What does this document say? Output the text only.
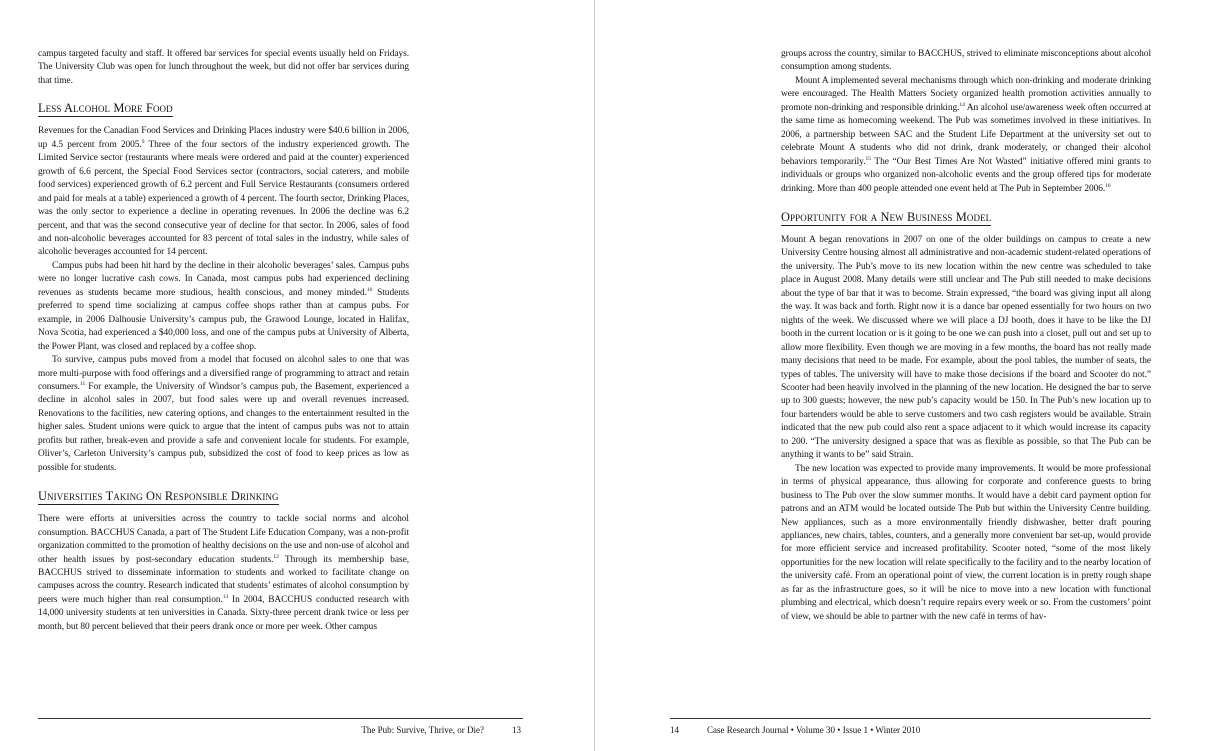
campus targeted faculty and staff. It offered bar services for special events usually held on Fridays. The University Club was open for lunch throughout the week, but did not offer bar services during that time.

Less Alcohol More Food

Revenues for the Canadian Food Services and Drinking Places industry were $40.6 billion in 2006, up 4.5 percent from 2005.$^9$ Three of the four sectors of the industry experienced growth. The Limited Service sector (restaurants where meals were ordered and paid at the counter) experienced growth of 6.6 percent, the Special Food Services sector (contractors, social caterers, and mobile food services) experienced growth of 6.2 percent and Full Service Restaurants (consumers ordered and paid for meals at a table) experienced a growth of 4 percent. The fourth sector, Drinking Places, was the only sector to experience a decline in operating revenues. In 2006 the decline was 6.2 percent, and that was the second consecutive year of decline for that sector. In 2006, sales of food and non-alcoholic beverages accounted for 83 percent of total sales in the industry, while sales of alcoholic beverages accounted for 14 percent.

Campus pubs had been hit hard by the decline in their alcoholic beverages’ sales. Campus pubs were no longer lucrative cash cows. In Canada, most campus pubs had experienced declining revenues as students became more studious, health conscious, and money minded.$^{10}$ Students preferred to spend time socializing at campus coffee shops rather than at campus pubs. For example, in 2006 Dalhousie University’s campus pub, the Grawood Lounge, located in Halifax, Nova Scotia, had experienced a $40,000 loss, and one of the campus pubs at University of Alberta, the Power Plant, was closed and replaced by a coffee shop.

To survive, campus pubs moved from a model that focused on alcohol sales to one that was more multi-purpose with food offerings and a diversified range of programming to attract and retain consumers.$^{11}$ For example, the University of Windsor’s campus pub, the Basement, experienced a decline in alcohol sales in 2007, but food sales were up and overall revenues increased. Renovations to the facilities, new catering options, and changes to the entertainment resulted in the higher sales. Student unions were quick to argue that the intent of campus pubs was not to attain profits but rather, break-even and provide a safe and convenient locale for students. For example, Oliver’s, Carleton University’s campus pub, subsidized the cost of food to keep prices as low as possible for students.

Universities Taking On Responsible Drinking

There were efforts at universities across the country to tackle social norms and alcohol consumption. BACCHUS Canada, a part of The Student Life Education Company, was a non-profit organization committed to the promotion of healthy decisions on the use and non-use of alcohol and other health issues by post-secondary education students.$^{12}$ Through its membership base, BACCHUS strived to disseminate information to students and worked to facilitate change on campuses across the country. Research indicated that students’ estimates of alcohol consumption by peers were much higher than real consumption.$^{13}$ In 2004, BACCHUS conducted research with 14,000 university students at ten universities in Canada. Sixty-three percent drank twice or less per month, but 80 percent believed that their peers drank once or more per week. Other campus

The Pub: Survive, Thrive, or Die?	13

groups across the country, similar to BACCHUS, strived to eliminate misconceptions about alcohol consumption among students.

Mount A implemented several mechanisms through which non-drinking and moderate drinking were encouraged. The Health Matters Society organized health promotion activities annually to promote non-drinking and responsible drinking.$^{14}$ An alcohol use/awareness week often occurred at the same time as homecoming weekend. The Pub was sometimes involved in these initiatives. In 2006, a partnership between SAC and the Student Life Department at the university set out to celebrate Mount A students who did not drink, drank moderately, or changed their alcohol behaviors temporarily.$^{15}$ The “Our Best Times Are Not Wasted” initiative offered mini grants to individuals or groups who organized non-alcoholic events and the group offered tips for moderate drinking. More than 400 people attended one event held at The Pub in September 2006.16

Opportunity for a New Business Model

Mount A began renovations in 2007 on one of the older buildings on campus to create a new University Centre housing almost all administrative and non-academic student-related operations of the university. The Pub’s move to its new location within the new centre was scheduled to take place in August 2008. Many details were still unclear and The Pub still needed to make decisions about the type of bar that it was to become. Strain expressed, “the board was giving input all along the way. It was back and forth. Right now it is a dance bar opened essentially for two hours on two nights of the week. We discussed where we will place a DJ booth, does it have to be like the DJ booth in the current location or is it going to be one we can push into a closet, pull out and set up to allow more flexibility. Even though we are moving in a few months, the board has not really made many decisions that need to be made. For example, about the pool tables, the number of seats, the types of tables. The university will have to make those decisions if the board and Scooter do not.” Scooter had been heavily involved in the planning of the new location. He designed the bar to serve up to 300 guests; however, the new pub’s capacity would be 150. In The Pub’s new location up to four bartenders would be able to serve customers and two cash registers would be available. Strain indicated that the new pub could also rent a space adjacent to it which would increase its capacity to 200. “The university designed a space that was as flexible as possible, so that The Pub can be anything it wants to be” said Strain.

The new location was expected to provide many improvements. It would be more professional in terms of physical appearance, thus allowing for corporate and conference guests to bring business to The Pub over the slow summer months. It would have a debit card payment option for patrons and an ATM would be located outside The Pub but within the University Centre building. New appliances, such as a more environmentally friendly dishwasher, better draft pouring appliances, new chairs, tables, counters, and a generally more convenient bar set-up, would provide for more efficient service and increased profitability. Scooter noted, “some of the most likely opportunities for the new location will relate specifically to the facility and to the nearby location of the university café. From an operational point of view, the current location is in pretty rough shape as far as the infrastructure goes, so it will be nice to move into a new location with functional plumbing and electrical, which doesn’t require repairs every week or so. From the customers’ point of view, we should be able to partner with the new café in terms of hav-

14	Case Research Journal • Volume 30 • Issue 1 • Winter 2010
